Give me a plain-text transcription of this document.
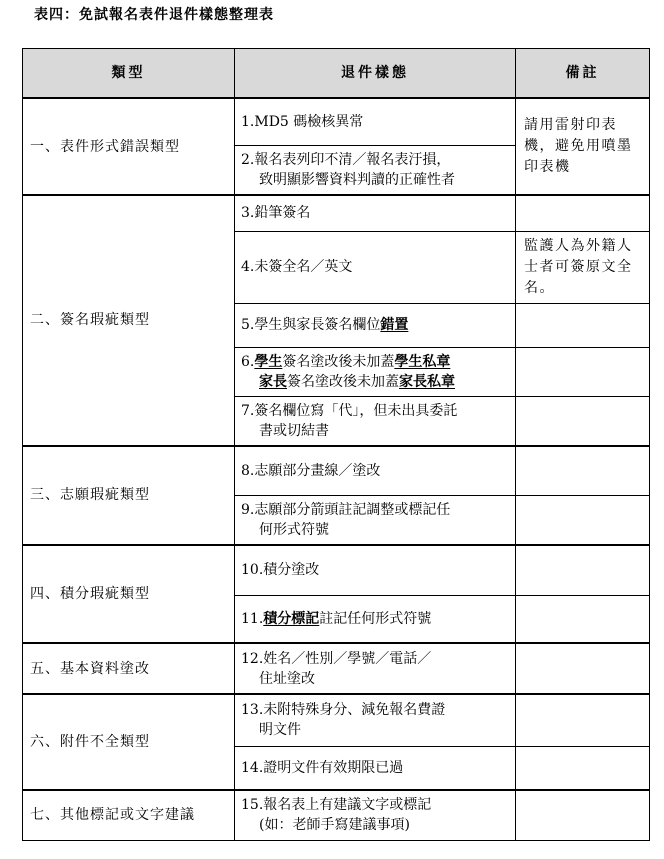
表四：免試報名表件退件樣態整理表
類型	退件樣態	備註
一、表件形式錯誤類型	1.MD5 碼檢核異常	請用雷射印表機，避免用噴墨印表機

	2.報名表列印不清／報名表汙損，
致明顯影響資料判讀的正確性者	

二、簽名瑕疵類型	3.鉛筆簽名	

	4.未簽全名／英文	監護人為外籍人士者可簽原文全名。

	5.學生與家長簽名欄位錯置	

	6.學生簽名塗改後未加蓋學生私章
家長簽名塗改後未加蓋家長私章	

	7.簽名欄位寫「代」，但未出具委託
書或切結書	

三、志願瑕疵類型	8.志願部分畫線／塗改	

	9.志願部分箭頭註記調整或標記任
何形式符號	

四、積分瑕疵類型	10.積分塗改	

	11.積分標記註記任何形式符號	

五、基本資料塗改	12.姓名／性別／學號／電話／
住址塗改	

六、附件不全類型	13.未附特殊身分、減免報名費證
明文件	

	14.證明文件有效期限已過	

七、其他標記或文字建議	15.報名表上有建議文字或標記
(如：老師手寫建議事項)	
